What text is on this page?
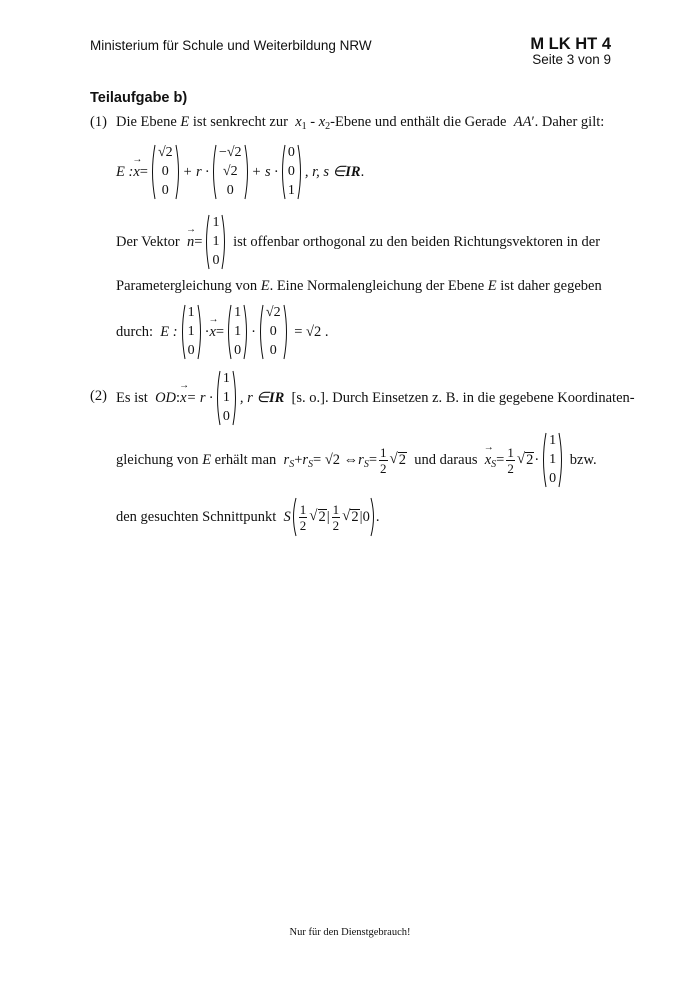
Ministerium für Schule und Weiterbildung NRW	M LK HT 4
Seite 3 von 9
Teilaufgabe b)
(1) Die Ebene
E
ist senkrecht zur
x 1
-
x 2 -Ebene und enthält die Gerade
AA ′ . Daher gilt:
E : → x =
√2
0
0
+ r ·
−√2
√2
0
+ s ·
0
0
1
, r, s ∈ IR .
Der Vektor
→ n =
1
1
0

ist offenbar orthogonal zu den beiden Richtungsvektoren in der
Parametergleichung von E. Eine Normalengleichung der Ebene E ist daher gegeben
durch:
E :
1
1
0
· → x =
1
1
0
·
√2
0
0

= √2 .
(2) Es ist
OD : → x = r ·
1
1
0
, r ∈ IR
[s. o.]. Durch Einsetzen z. B. in die gegebene Koordinaten-
gleichung von
E
erhält man
r S + r S = √2 ⇔ r $S = \frac{1}{2}$ √ 2
und daraus
→ x $S = \frac{1}{2}$ √ 2 ·
1
1
0

bzw.
den gesuchten Schnittpunkt
S $\frac{1}{2}$ √ 2 | $\frac{1}{2}$ √ 2 | 0 .
Nur für den Dienstgebrauch!
